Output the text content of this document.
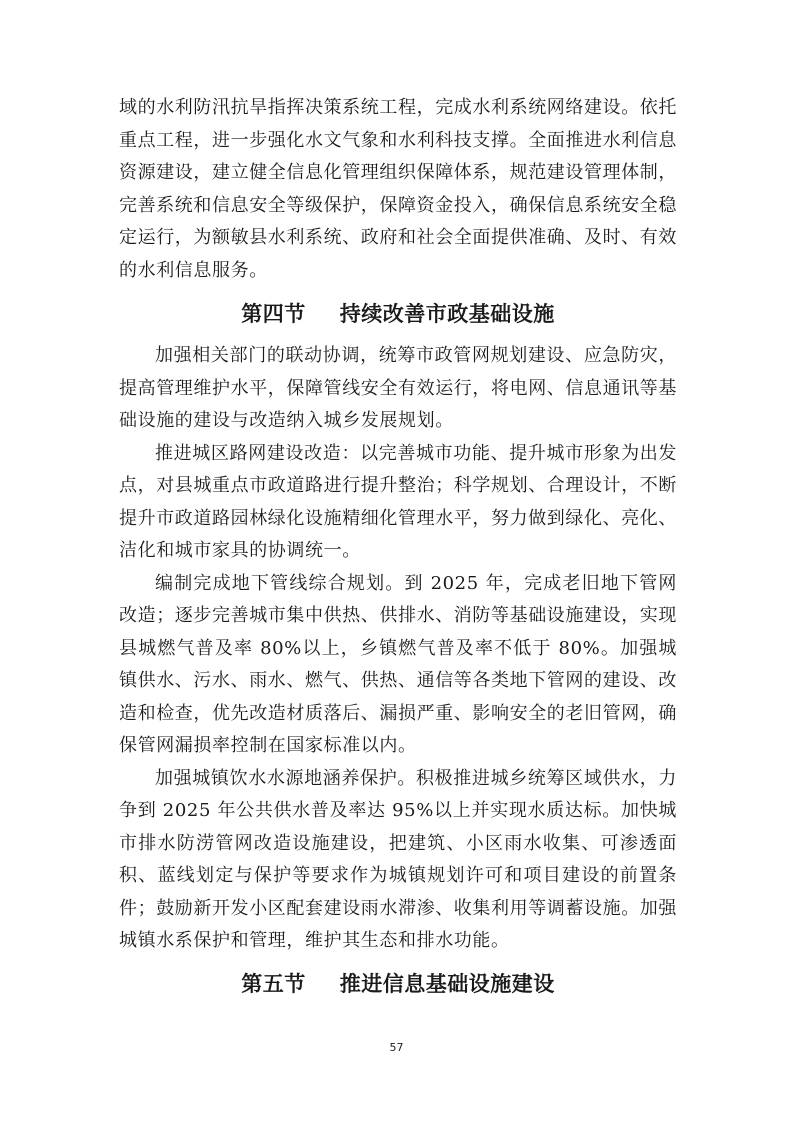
域的水利防汛抗旱指挥决策系统工程，完成水利系统网络建设。依托重点工程，进一步强化水文气象和水利科技支撑。全面推进水利信息资源建设，建立健全信息化管理组织保障体系，规范建设管理体制，完善系统和信息安全等级保护，保障资金投入，确保信息系统安全稳定运行，为额敏县水利系统、政府和社会全面提供准确、及时、有效的水利信息服务。

第四节 持续改善市政基础设施

加强相关部门的联动协调，统筹市政管网规划建设、应急防灾，提高管理维护水平，保障管线安全有效运行，将电网、信息通讯等基础设施的建设与改造纳入城乡发展规划。

推进城区路网建设改造：以完善城市功能、提升城市形象为出发点，对县城重点市政道路进行提升整治；科学规划、合理设计，不断提升市政道路园林绿化设施精细化管理水平，努力做到绿化、亮化、洁化和城市家具的协调统一。

编制完成地下管线综合规划。到 2025 年，完成老旧地下管网改造；逐步完善城市集中供热、供排水、消防等基础设施建设，实现县城燃气普及率 80%以上，乡镇燃气普及率不低于 80%。加强城镇供水、污水、雨水、燃气、供热、通信等各类地下管网的建设、改造和检查，优先改造材质落后、漏损严重、影响安全的老旧管网，确保管网漏损率控制在国家标准以内。

加强城镇饮水水源地涵养保护。积极推进城乡统筹区域供水，力争到 2025 年公共供水普及率达 95%以上并实现水质达标。加快城市排水防涝管网改造设施建设，把建筑、小区雨水收集、可渗透面积、蓝线划定与保护等要求作为城镇规划许可和项目建设的前置条件；鼓励新开发小区配套建设雨水滞渗、收集利用等调蓄设施。加强城镇水系保护和管理，维护其生态和排水功能。

第五节 推进信息基础设施建设
57
